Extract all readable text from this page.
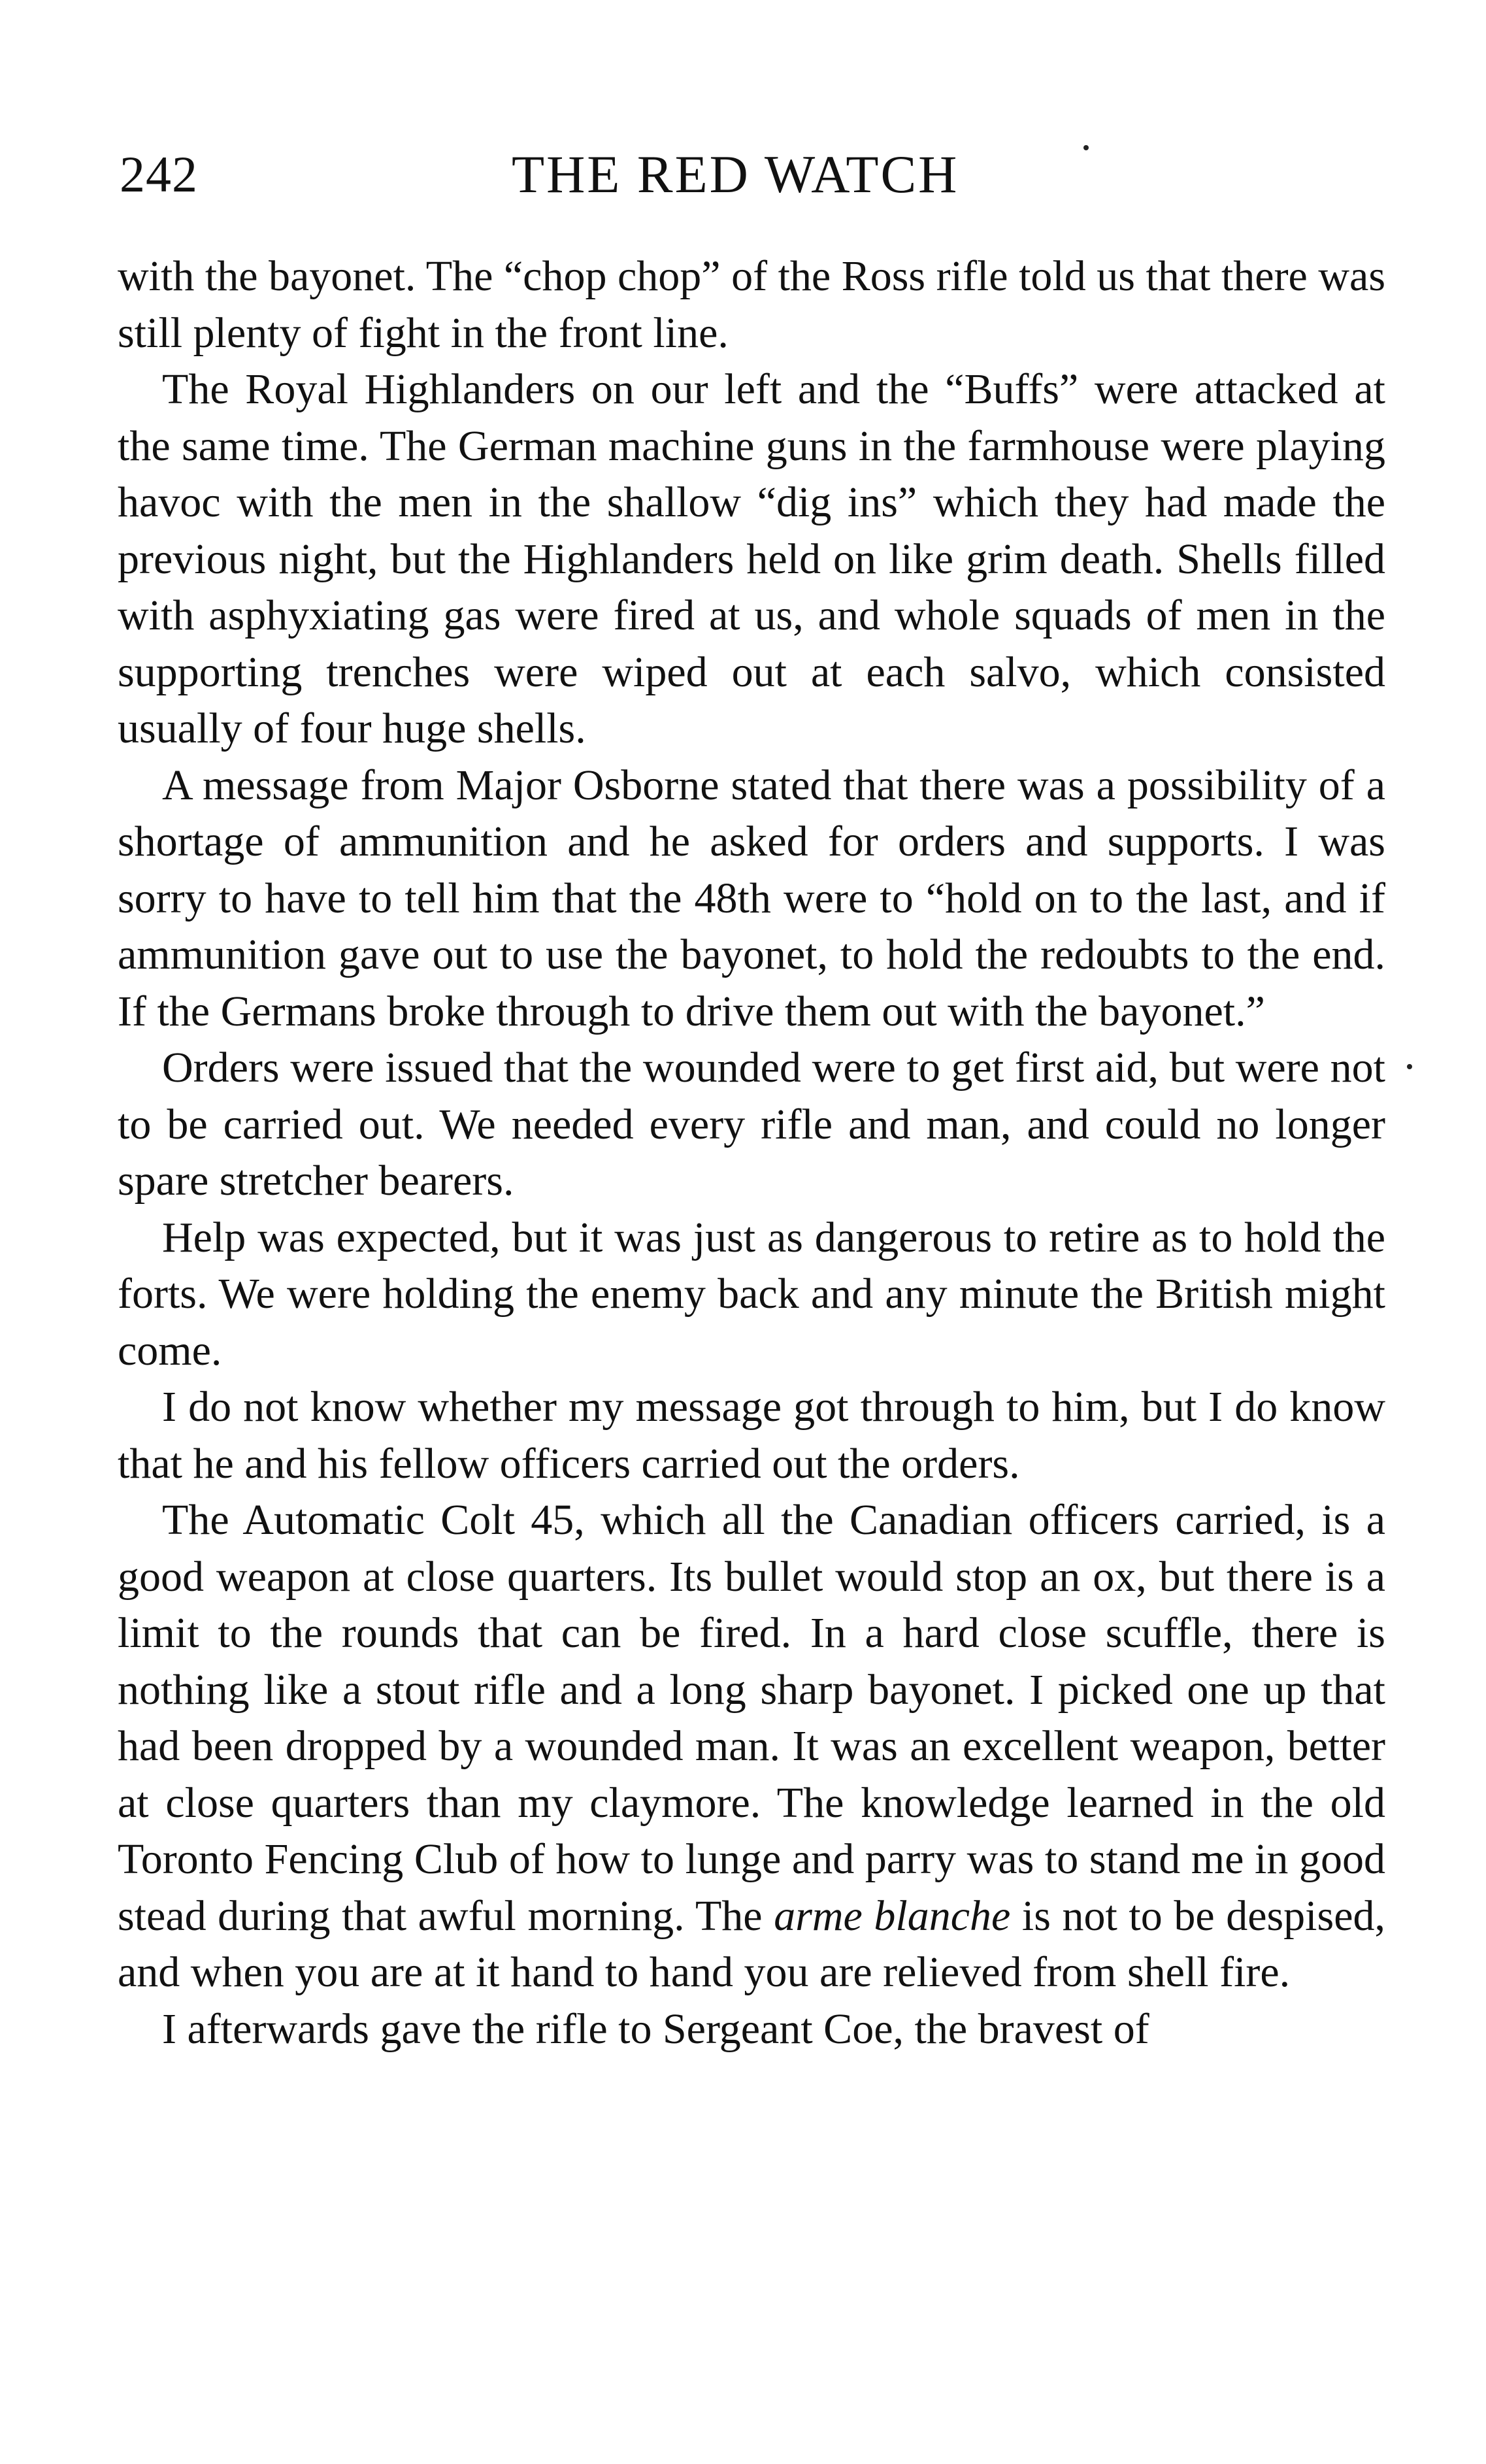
242	THE RED WATCH

with the bayonet. The “chop chop” of the Ross rifle told us that there was still plenty of fight in the front line.

The Royal Highlanders on our left and the “Buffs” were attacked at the same time. The German machine guns in the farmhouse were playing havoc with the men in the shallow “dig ins” which they had made the previous night, but the Highlanders held on like grim death. Shells filled with asphyxiating gas were fired at us, and whole squads of men in the supporting trenches were wiped out at each salvo, which consisted usually of four huge shells.

A message from Major Osborne stated that there was a possibility of a shortage of ammunition and he asked for orders and supports. I was sorry to have to tell him that the 48th were to “hold on to the last, and if ammunition gave out to use the bayonet, to hold the redoubts to the end. If the Germans broke through to drive them out with the bayonet.”

Orders were issued that the wounded were to get first aid, but were not to be carried out. We needed every rifle and man, and could no longer spare stretcher bearers.

Help was expected, but it was just as dangerous to retire as to hold the forts. We were holding the enemy back and any minute the British might come.

I do not know whether my message got through to him, but I do know that he and his fellow officers carried out the orders.

The Automatic Colt 45, which all the Canadian officers carried, is a good weapon at close quarters. Its bullet would stop an ox, but there is a limit to the rounds that can be fired. In a hard close scuffle, there is nothing like a stout rifle and a long sharp bayonet. I picked one up that had been dropped by a wounded man. It was an excellent weapon, better at close quarters than my claymore. The knowledge learned in the old Toronto Fencing Club of how to lunge and parry was to stand me in good stead during that awful morning. The arme blanche is not to be despised, and when you are at it hand to hand you are relieved from shell fire.

I afterwards gave the rifle to Sergeant Coe, the bravest of
